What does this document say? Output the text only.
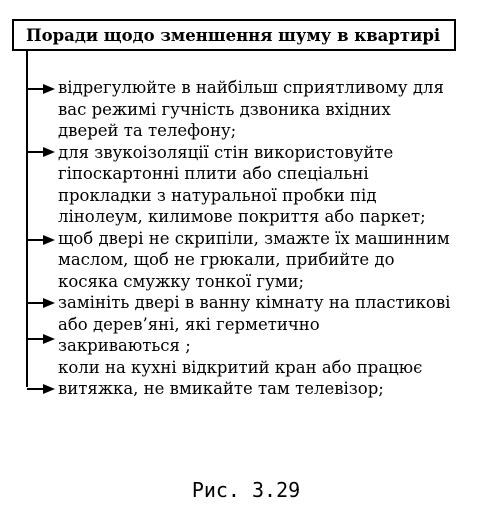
Поради щодо зменшення шуму в квартирі
відрегулюйте в найбільш сприятливому для
вас режимі гучність дзвоника вхідних
дверей та телефону;
для звукоізоляції стін використовуйте
гіпоскартонні плити або спеціальні
прокладки з натуральної пробки під
лінолеум, килимове покриття або паркет;
щоб двері не скрипіли, змажте їх машинним
маслом, щоб не грюкали, прибийте до
косяка смужку тонкої гуми;
замініть двері в ванну кімнату на пластикові
або дерев’яні, які герметично
закриваються ;
коли на кухні відкритий кран або працює
витяжка, не вмикайте там телевізор;
Рис. 3.29
